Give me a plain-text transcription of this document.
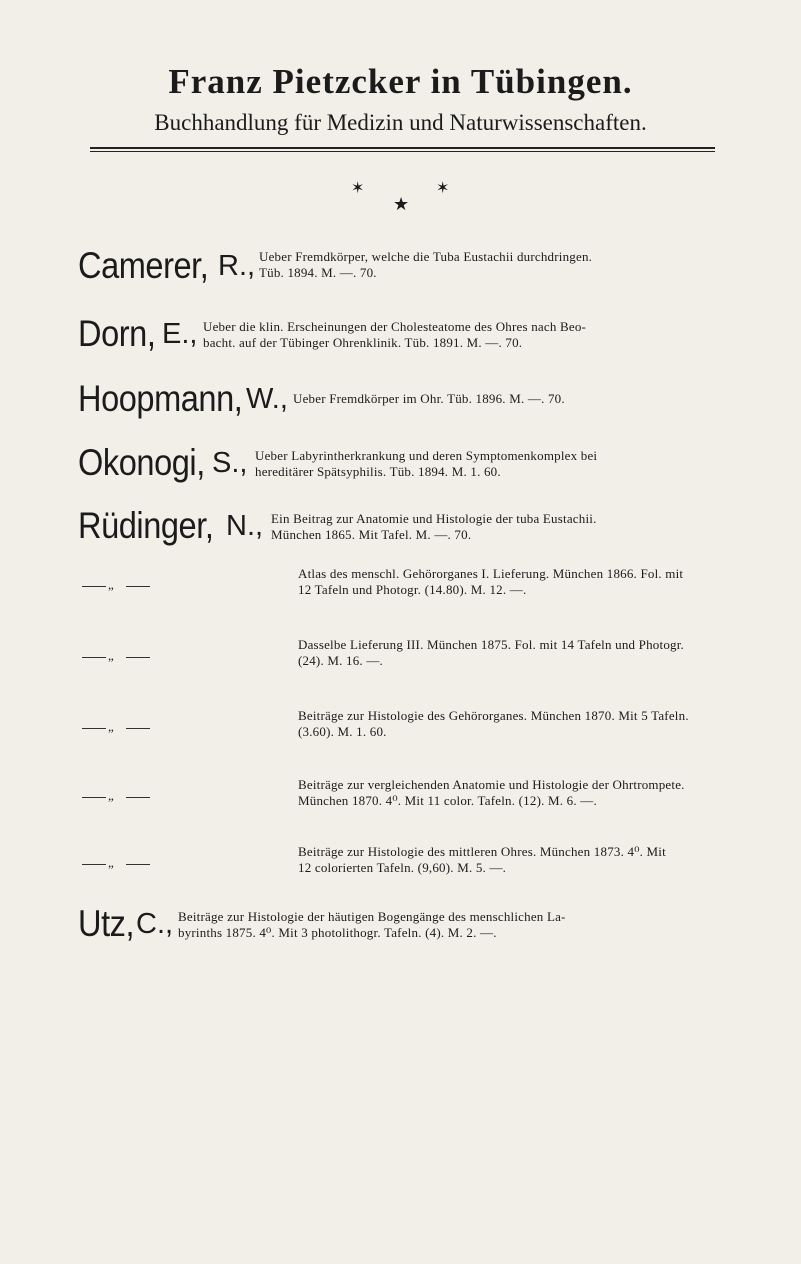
Franz Pietzcker in Tübingen.
Buchhandlung für Medizin und Naturwissenschaften.
✶	✶
★
Camerer, R., Ueber Fremdkörper, welche die Tuba Eustachii durchdringen.
Tüb. 1894. M. —. 70.
Dorn, E., Ueber die klin. Erscheinungen der Cholesteatome des Ohres nach Beo-
bacht. auf der Tübinger Ohrenklinik. Tüb. 1891. M. —. 70.
Hoopmann, W., Ueber Fremdkörper im Ohr. Tüb. 1896. M. —. 70.
Okonogi, S., Ueber Labyrintherkrankung und deren Symptomenkomplex bei
hereditärer Spätsyphilis. Tüb. 1894. M. 1. 60.
Rüdinger, N., Ein Beitrag zur Anatomie und Histologie der tuba Eustachii.
München 1865. Mit Tafel. M. —. 70.
„
Atlas des menschl. Gehörorganes I. Lieferung. München 1866. Fol. mit
12 Tafeln und Photogr. (14.80). M. 12. —.
„
Dasselbe Lieferung III. München 1875. Fol. mit 14 Tafeln und Photogr.
(24). M. 16. —.
„
Beiträge zur Histologie des Gehörorganes. München 1870. Mit 5 Tafeln.
(3.60). M. 1. 60.
„
Beiträge zur vergleichenden Anatomie und Histologie der Ohrtrompete.
München 1870. 4⁰. Mit 11 color. Tafeln. (12). M. 6. —.
„
Beiträge zur Histologie des mittleren Ohres. München 1873. 4⁰. Mit
12 colorierten Tafeln. (9,60). M. 5. —.
Utz, C., Beiträge zur Histologie der häutigen Bogengänge des menschlichen La-
byrinths 1875. 4⁰. Mit 3 photolithogr. Tafeln. (4). M. 2. —.
